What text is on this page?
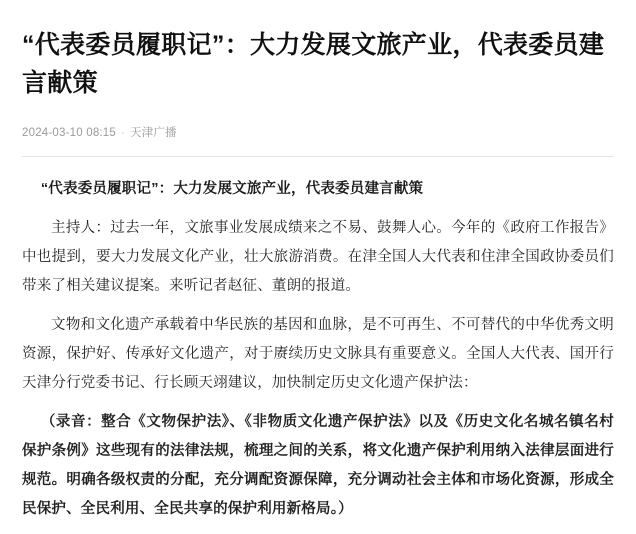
“代表委员履职记”：大力发展文旅产业，代表委员建言献策
2024-03-10 08:15 · 天津广播

“代表委员履职记”：大力发展文旅产业，代表委员建言献策

主持人：过去一年，文旅事业发展成绩来之不易、鼓舞人心。今年的《政府工作报告》中也提到，要大力发展文化产业，壮大旅游消费。在津全国人大代表和住津全国政协委员们带来了相关建议提案。来听记者赵征、董朗的报道。

文物和文化遗产承载着中华民族的基因和血脉，是不可再生、不可替代的中华优秀文明资源，保护好、传承好文化遗产，对于赓续历史文脉具有重要意义。全国人大代表、国开行天津分行党委书记、行长顾天翊建议，加快制定历史文化遗产保护法：

（录音：整合《文物保护法》、《非物质文化遗产保护法》以及《历史文化名城名镇名村保护条例》这些现有的法律法规，梳理之间的关系，将文化遗产保护利用纳入法律层面进行规范。明确各级权责的分配，充分调配资源保障，充分调动社会主体和市场化资源，形成全民保护、全民利用、全民共享的保护利用新格局。）
